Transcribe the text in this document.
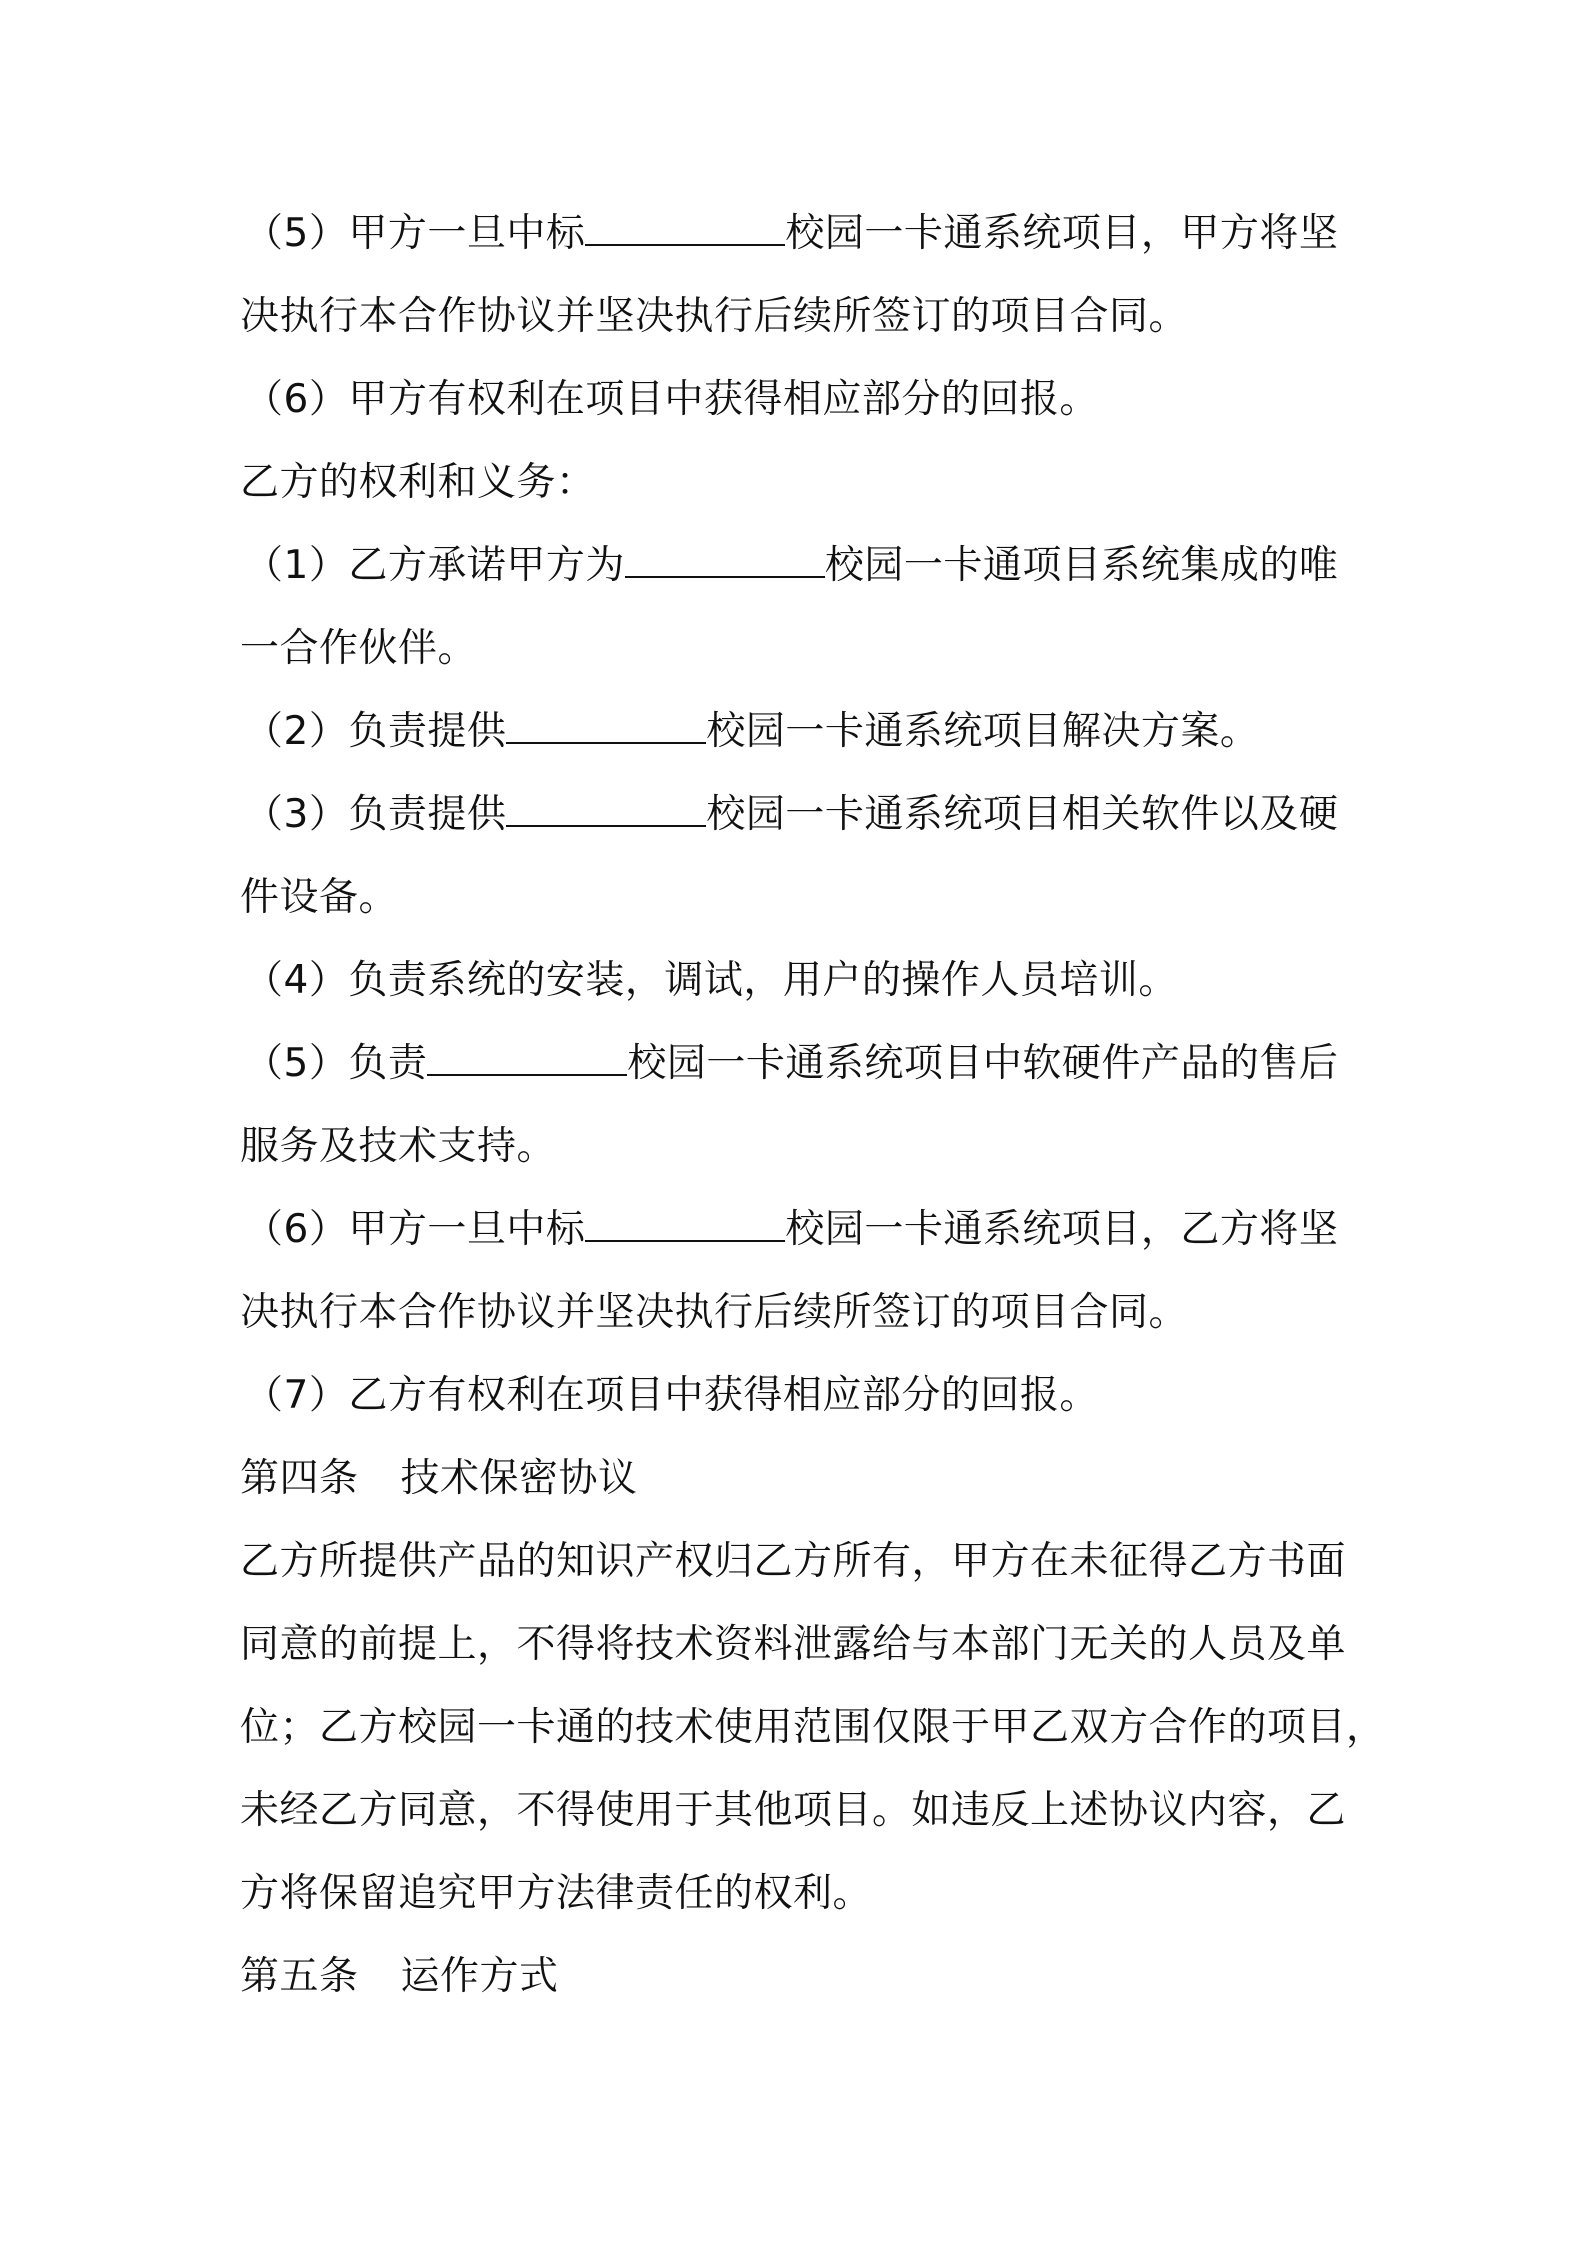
（5）甲方一旦中标	校园一卡通系统项目，甲方将坚
决执行本合作协议并坚决执行后续所签订的项目合同。
（6）甲方有权利在项目中获得相应部分的回报。
乙方的权利和义务：
（1）乙方承诺甲方为	校园一卡通项目系统集成的唯
一合作伙伴。
（2）负责提供	校园一卡通系统项目解决方案。
（3）负责提供	校园一卡通系统项目相关软件以及硬
件设备。
（4）负责系统的安装，调试，用户的操作人员培训。
（5）负责	校园一卡通系统项目中软硬件产品的售后
服务及技术支持。
（6）甲方一旦中标	校园一卡通系统项目，乙方将坚
决执行本合作协议并坚决执行后续所签订的项目合同。
（7）乙方有权利在项目中获得相应部分的回报。
第四条 技术保密协议
乙方所提供产品的知识产权归乙方所有，甲方在未征得乙方书面
同意的前提上，不得将技术资料泄露给与本部门无关的人员及单
位；乙方校园一卡通的技术使用范围仅限于甲乙双方合作的项目，
未经乙方同意，不得使用于其他项目。如违反上述协议内容，乙
方将保留追究甲方法律责任的权利。
第五条 运作方式
